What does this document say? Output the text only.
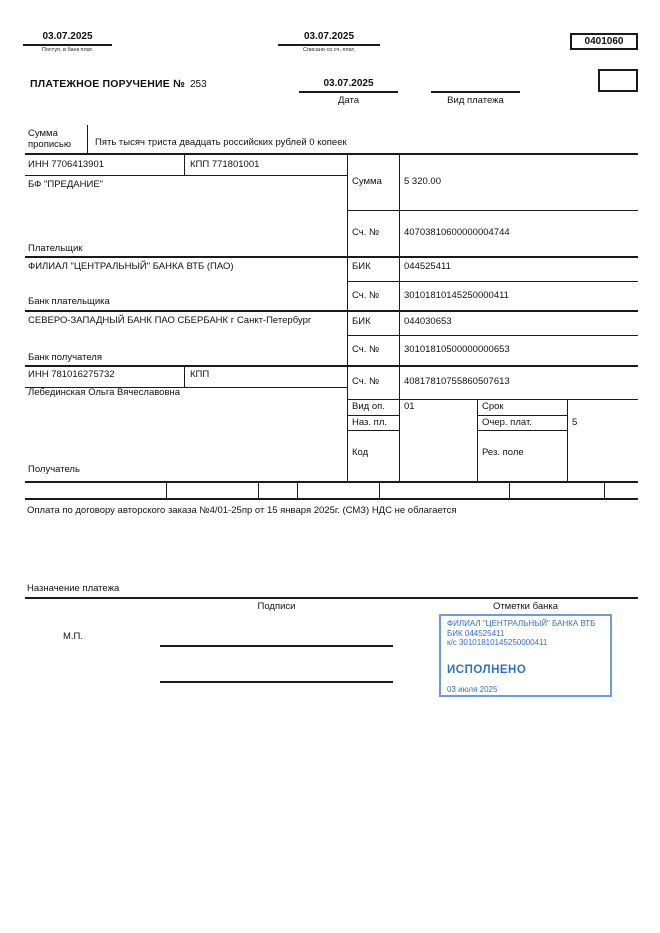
03.07.2025
Поступ. в банк плат.
03.07.2025
Списано со сч. плат.
0401060
ПЛАТЕЖНОЕ ПОРУЧЕНИЕ № 253	03.07.2025
Дата	Вид платежа
Сумма
прописью	Пять тысяч триста двадцать российских рублей 0 копеек
ИНН 7706413901	КПП 771801001
БФ "ПРЕДАНИЕ"
Плательщик
Сумма 5 320.00
Сч. №	40703810600000004744
ФИЛИАЛ "ЦЕНТРАЛЬНЫЙ" БАНКА ВТБ (ПАО)
Банк плательщика
БИК	044525411
Сч. №	30101810145250000411
СЕВЕРО-ЗАПАДНЫЙ БАНК ПАО СБЕРБАНК г Санкт-Петербург
Банк получателя
БИК	044030653
Сч. №	30101810500000000653
ИНН 781016275732	КПП
Лебединская Ольга Вячеславовна
Получатель
Сч. №	40817810755860507613
Вид оп. 01	Срок
Наз. пл.	Очер. плат.	5
Код	Рез. поле
Оплата по договору авторского заказа №4/01-25пр от 15 января 2025г. (СМЗ) НДС не облагается
Назначение платежа
Подписи	Отметки банка
М.П.
ФИЛИАЛ "ЦЕНТРАЛЬНЫЙ" БАНКА ВТБ
БИК 044525411
к/с 30101810145250000411
ИСПОЛНЕНО
03 июля 2025
